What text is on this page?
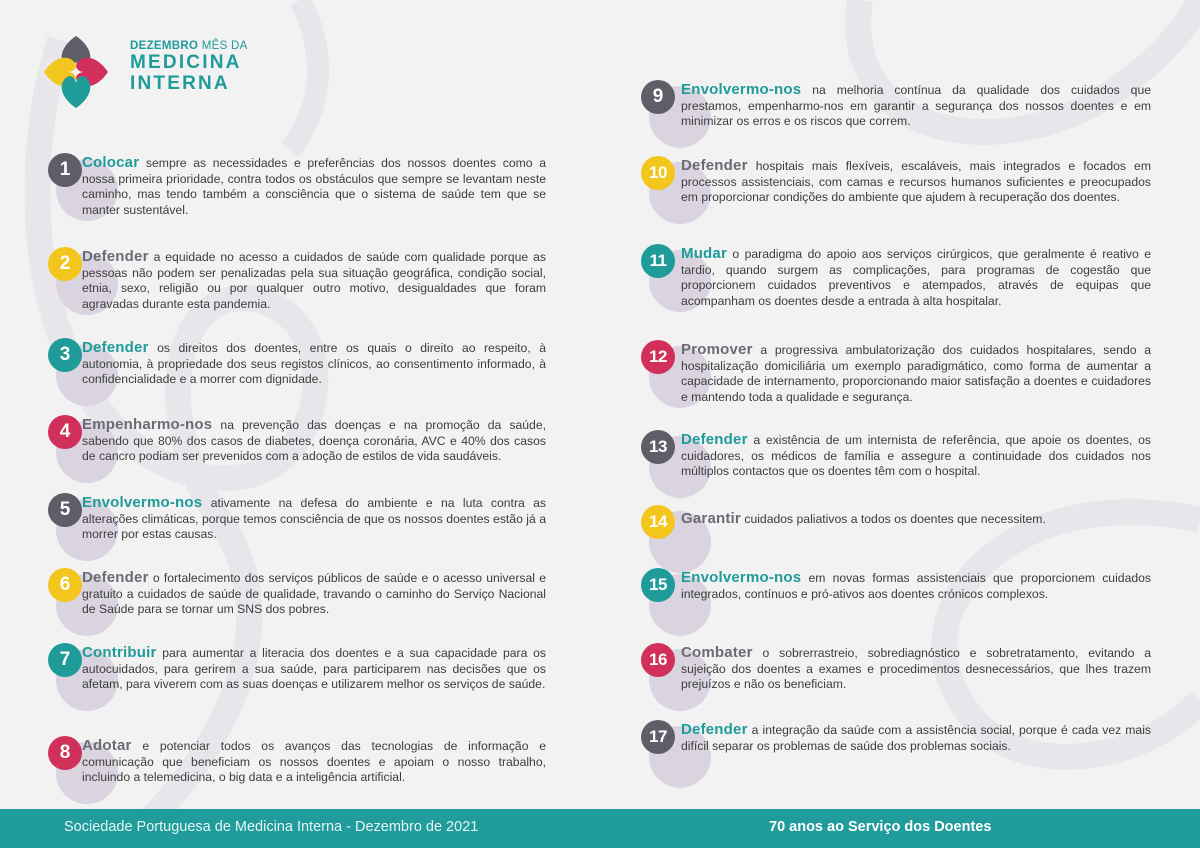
DEZEMBRO MÊS DA
MEDICINA
INTERNA
1 Colocar sempre as necessidades e preferências dos nossos doentes como a nossa primeira prioridade, contra todos os obstáculos que sempre se levantam neste caminho, mas tendo também a consciência que o sistema de saúde tem que se manter sustentável.
2 Defender a equidade no acesso a cuidados de saúde com qualidade porque as pessoas não podem ser penalizadas pela sua situação geográfica, condição social, etnia, sexo, religião ou por qualquer outro motivo, desigualdades que foram agravadas durante esta pandemia.
3 Defender os direitos dos doentes, entre os quais o direito ao respeito, à autonomia, à propriedade dos seus registos clínicos, ao consentimento informado, à confidencialidade e a morrer com dignidade.
4 Empenharmo-nos na prevenção das doenças e na promoção da saúde, sabendo que 80% dos casos de diabetes, doença coronária, AVC e 40% dos casos de cancro podiam ser prevenidos com a adoção de estilos de vida saudáveis.
5 Envolvermo-nos ativamente na defesa do ambiente e na luta contra as alterações climáticas, porque temos consciência de que os nossos doentes estão já a morrer por estas causas.
6 Defender o fortalecimento dos serviços públicos de saúde e o acesso universal e gratuito a cuidados de saúde de qualidade, travando o caminho do Serviço Nacional de Saúde para se tornar um SNS dos pobres.
7 Contribuir para aumentar a literacia dos doentes e a sua capacidade para os autocuidados, para gerirem a sua saúde, para participarem nas decisões que os afetam, para viverem com as suas doenças e utilizarem melhor os serviços de saúde.
8 Adotar e potenciar todos os avanços das tecnologias de informação e comunicação que beneficiam os nossos doentes e apoiam o nosso trabalho, incluindo a telemedicina, o big data e a inteligência artificial.
9	Envolvermo-nos na melhoria contínua da qualidade dos cuidados que prestamos, empenharmo-nos em garantir a segurança dos nossos doentes e em minimizar os erros e os riscos que correm.
10 Defender hospitais mais flexíveis, escaláveis, mais integrados e focados em processos assistenciais, com camas e recursos humanos suficientes e preocupados em proporcionar condições do ambiente que ajudem à recuperação dos doentes.
11 Mudar o paradigma do apoio aos serviços cirúrgicos, que geralmente é reativo e tardio, quando surgem as complicações, para programas de cogestão que proporcionem cuidados preventivos e atempados, através de equipas que acompanham os doentes desde a entrada à alta hospitalar.
12 Promover a progressiva ambulatorização dos cuidados hospitalares, sendo a hospitalização domiciliária um exemplo paradigmático, como forma de aumentar a capacidade de internamento, proporcionando maior satisfação a doentes e cuidadores e mantendo toda a qualidade e segurança.
13 Defender a existência de um internista de referência, que apoie os doentes, os cuidadores, os médicos de família e assegure a continuidade dos cuidados nos múltiplos contactos que os doentes têm com o hospital.
14 Garantir cuidados paliativos a todos os doentes que necessitem.
15 Envolvermo-nos em novas formas assistenciais que proporcionem cuidados integrados, contínuos e pró-ativos aos doentes crónicos complexos.
16 Combater o sobrerrastreio, sobrediagnóstico e sobretratamento, evitando a sujeição dos doentes a exames e procedimentos desnecessários, que lhes trazem prejuízos e não os beneficiam.
17 Defender a integração da saúde com a assistência social, porque é cada vez mais difícil separar os problemas de saúde dos problemas sociais.
Sociedade Portuguesa de Medicina Interna - Dezembro de 2021	70 anos ao Serviço dos Doentes
